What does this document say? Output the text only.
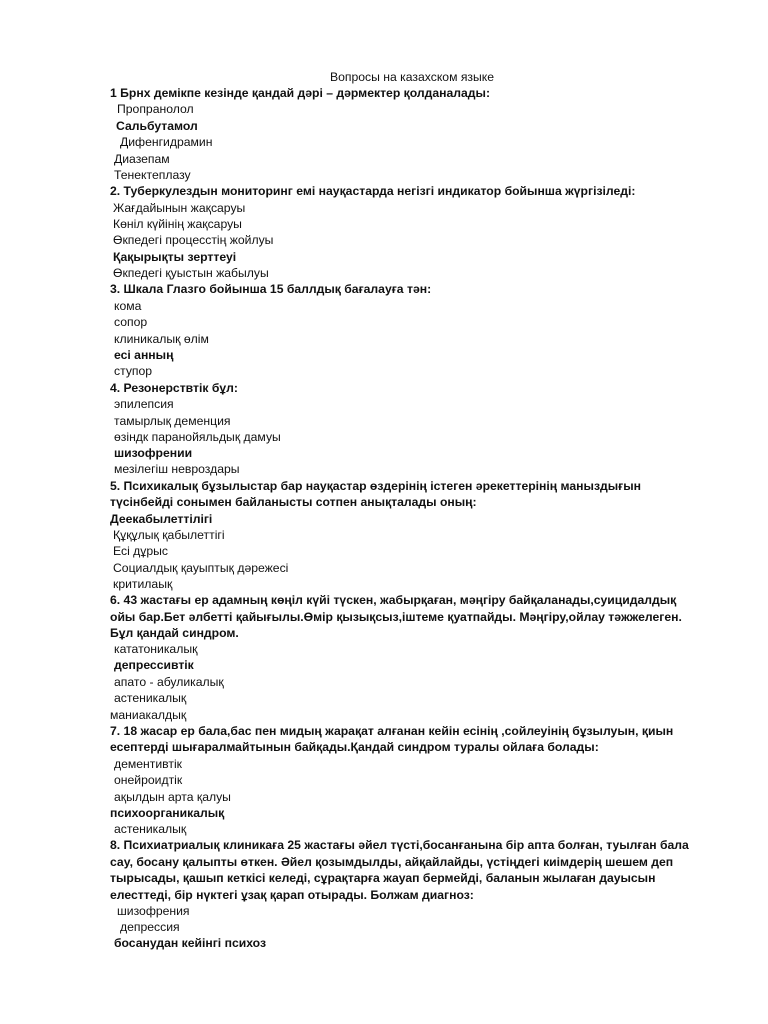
Вопросы на казахском языке
1 Брнх демікпе кезінде қандай дәрі – дәрмектер қолданалады:
Пропранолол
Сальбутамол
Дифенгидрамин
Диазепам
Тенектеплазу
2. Туберкулездын мониторинг емі науқастарда негізгі индикатор бойынша жүргізіледі:
Жағдайынын жақсаруы
Көніл күйінің жақсаруы
Өкпедегі процесстің жойлуы
Қақырықты зерттеуі
Өкпедегі қуыстын жабылуы
3. Шкала Глазго бойынша 15 баллдық бағалауға тән:
кома
сопор
клиникалық өлім
есі анның
ступор
4. Резонерствтік бұл:
эпилепсия
тамырлық деменция
өзіндк паранойяльдық дамуы
шизофрении
мезілегіш невроздары
5. Психикалық бұзылыстар бар науқастар өздерінің істеген әрекеттерінің маныздығын
түсінбейді сонымен байланысты сотпен анықталады оның:
Деекабылеттілігі
Құқұлық қабылеттігі
Есі дұрыс
Социалдық қауыптық дәрежесі
критилаық
6. 43 жастағы ер адамның көңіл күйі түскен, жабырқаған, мәңгіру байқаланады,суицидалдық
ойы бар.Бет әлбетті қайығылы.Өмір қызықсыз,іштеме қуатпайды. Мәңгіру,ойлау тәжжелеген.
Бұл қандай синдром.
кататоникалық
депрессивтік
апато - абуликалық
астеникалық
маниакалдық
7. 18 жасар ер бала,бас пен мидың жарақат алғанан кейін есінің ,сойлеуінің бұзылуын, қиын
есептерді шығаралмайтынын байқады.Қандай синдром туралы ойлаға болады:
дементивтік
онейроидтік
ақылдын арта қалуы
психоорганикалық
астеникалық
8. Психиатриалық клиникаға 25 жастағы әйел түсті,босанғанына бір апта болған, туылған бала
сау, босану қалыпты өткен. Әйел қозымдылды, айқайлайды, үстіңдегі киімдерің шешем деп
тырысады, қашып кеткісі келеді, сұрақтарға жауап бермейді, баланын жылаған дауысын
елесттеді, бір нүктегі ұзақ қарап отырады. Болжам диагноз:
шизофрения
депрессия
босанудан кейінгі психоз
